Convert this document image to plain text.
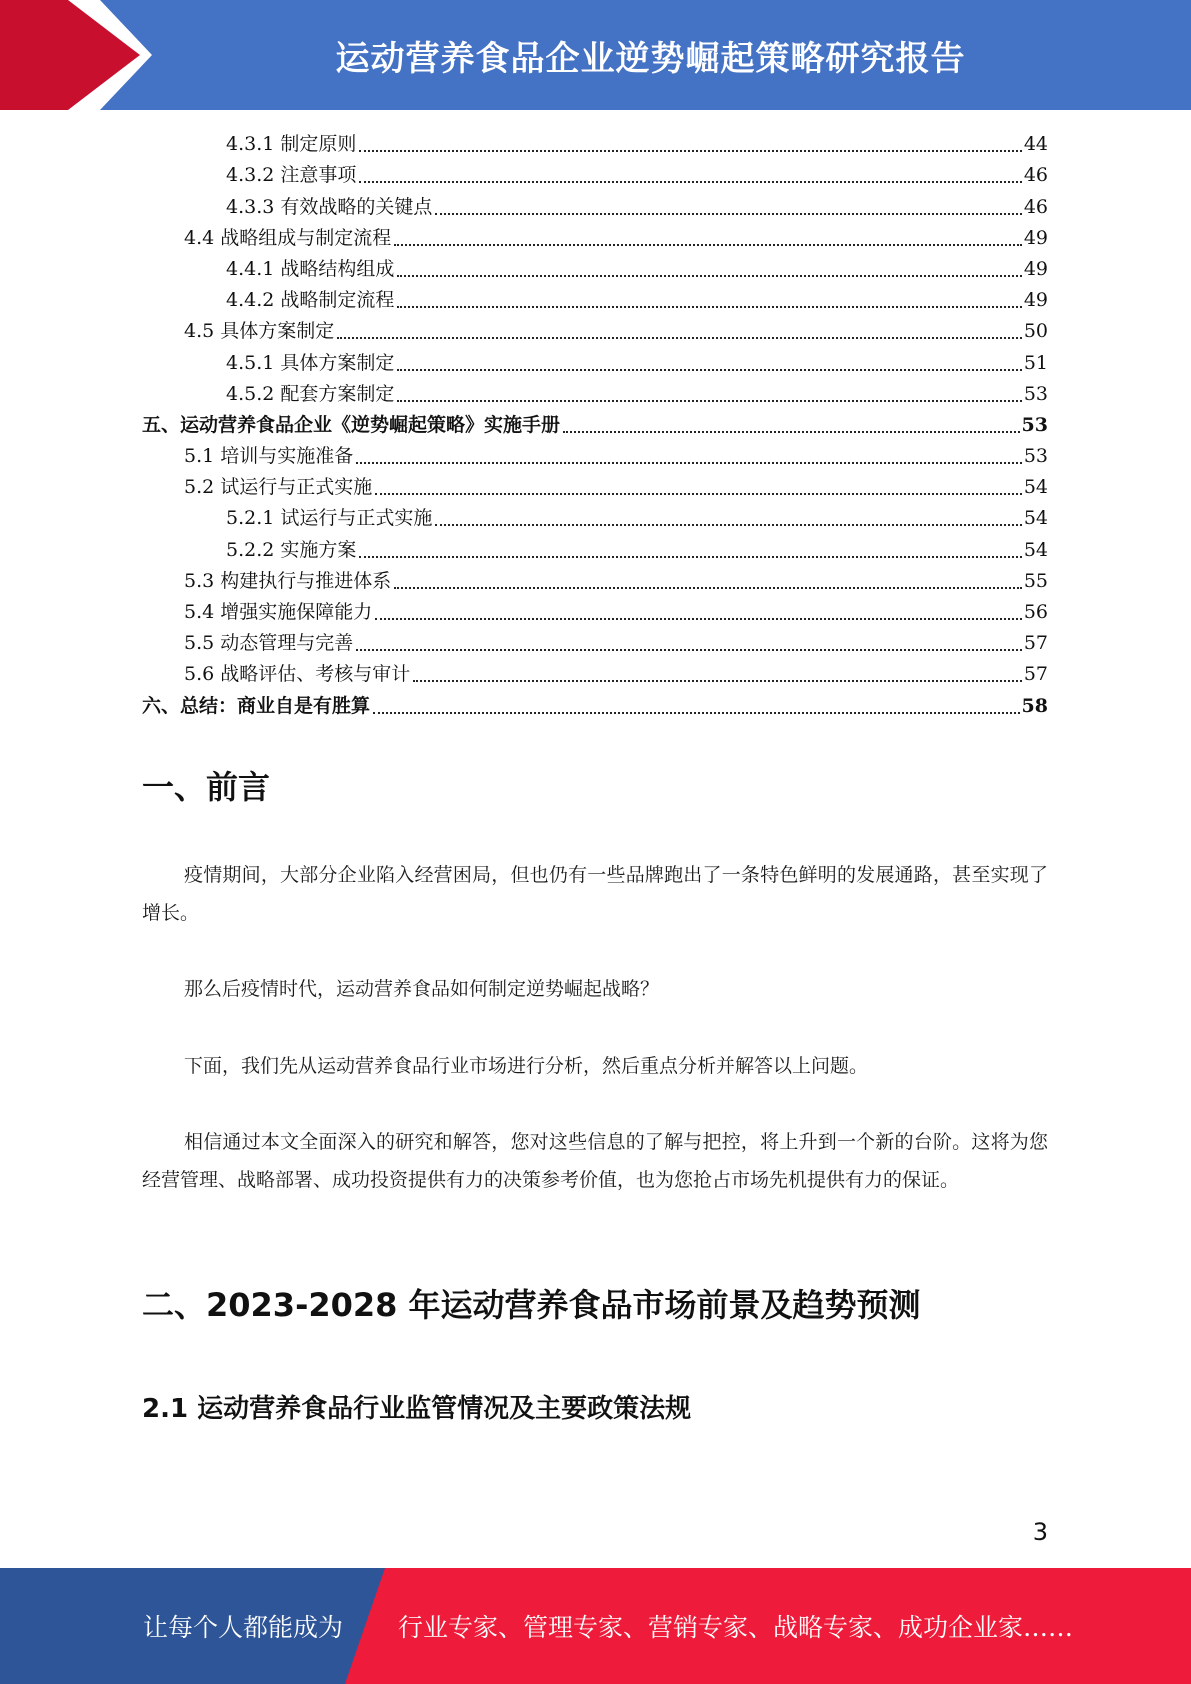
运动营养食品企业逆势崛起策略研究报告
4.3.1 制定原则	44
4.3.2 注意事项	46
4.3.3 有效战略的关键点	46
4.4 战略组成与制定流程	49
4.4.1 战略结构组成	49
4.4.2 战略制定流程	49
4.5 具体方案制定	50
4.5.1 具体方案制定	51
4.5.2 配套方案制定	53
五、运动营养食品企业《逆势崛起策略》实施手册	53
5.1 培训与实施准备	53
5.2 试运行与正式实施	54
5.2.1 试运行与正式实施	54
5.2.2 实施方案	54
5.3 构建执行与推进体系	55
5.4 增强实施保障能力	56
5.5 动态管理与完善	57
5.6 战略评估、考核与审计	57
六、总结：商业自是有胜算	58
一、前言

疫情期间，大部分企业陷入经营困局，但也仍有一些品牌跑出了一条特色鲜明的发展通路，甚至实现了增长。

那么后疫情时代，运动营养食品如何制定逆势崛起战略？

下面，我们先从运动营养食品行业市场进行分析，然后重点分析并解答以上问题。

相信通过本文全面深入的研究和解答，您对这些信息的了解与把控，将上升到一个新的台阶。这将为您经营管理、战略部署、成功投资提供有力的决策参考价值，也为您抢占市场先机提供有力的保证。

二、2023-2028 年运动营养食品市场前景及趋势预测
2.1 运动营养食品行业监管情况及主要政策法规
3
让每个人都能成为 行业专家、管理专家、营销专家、战略专家、成功企业家……
